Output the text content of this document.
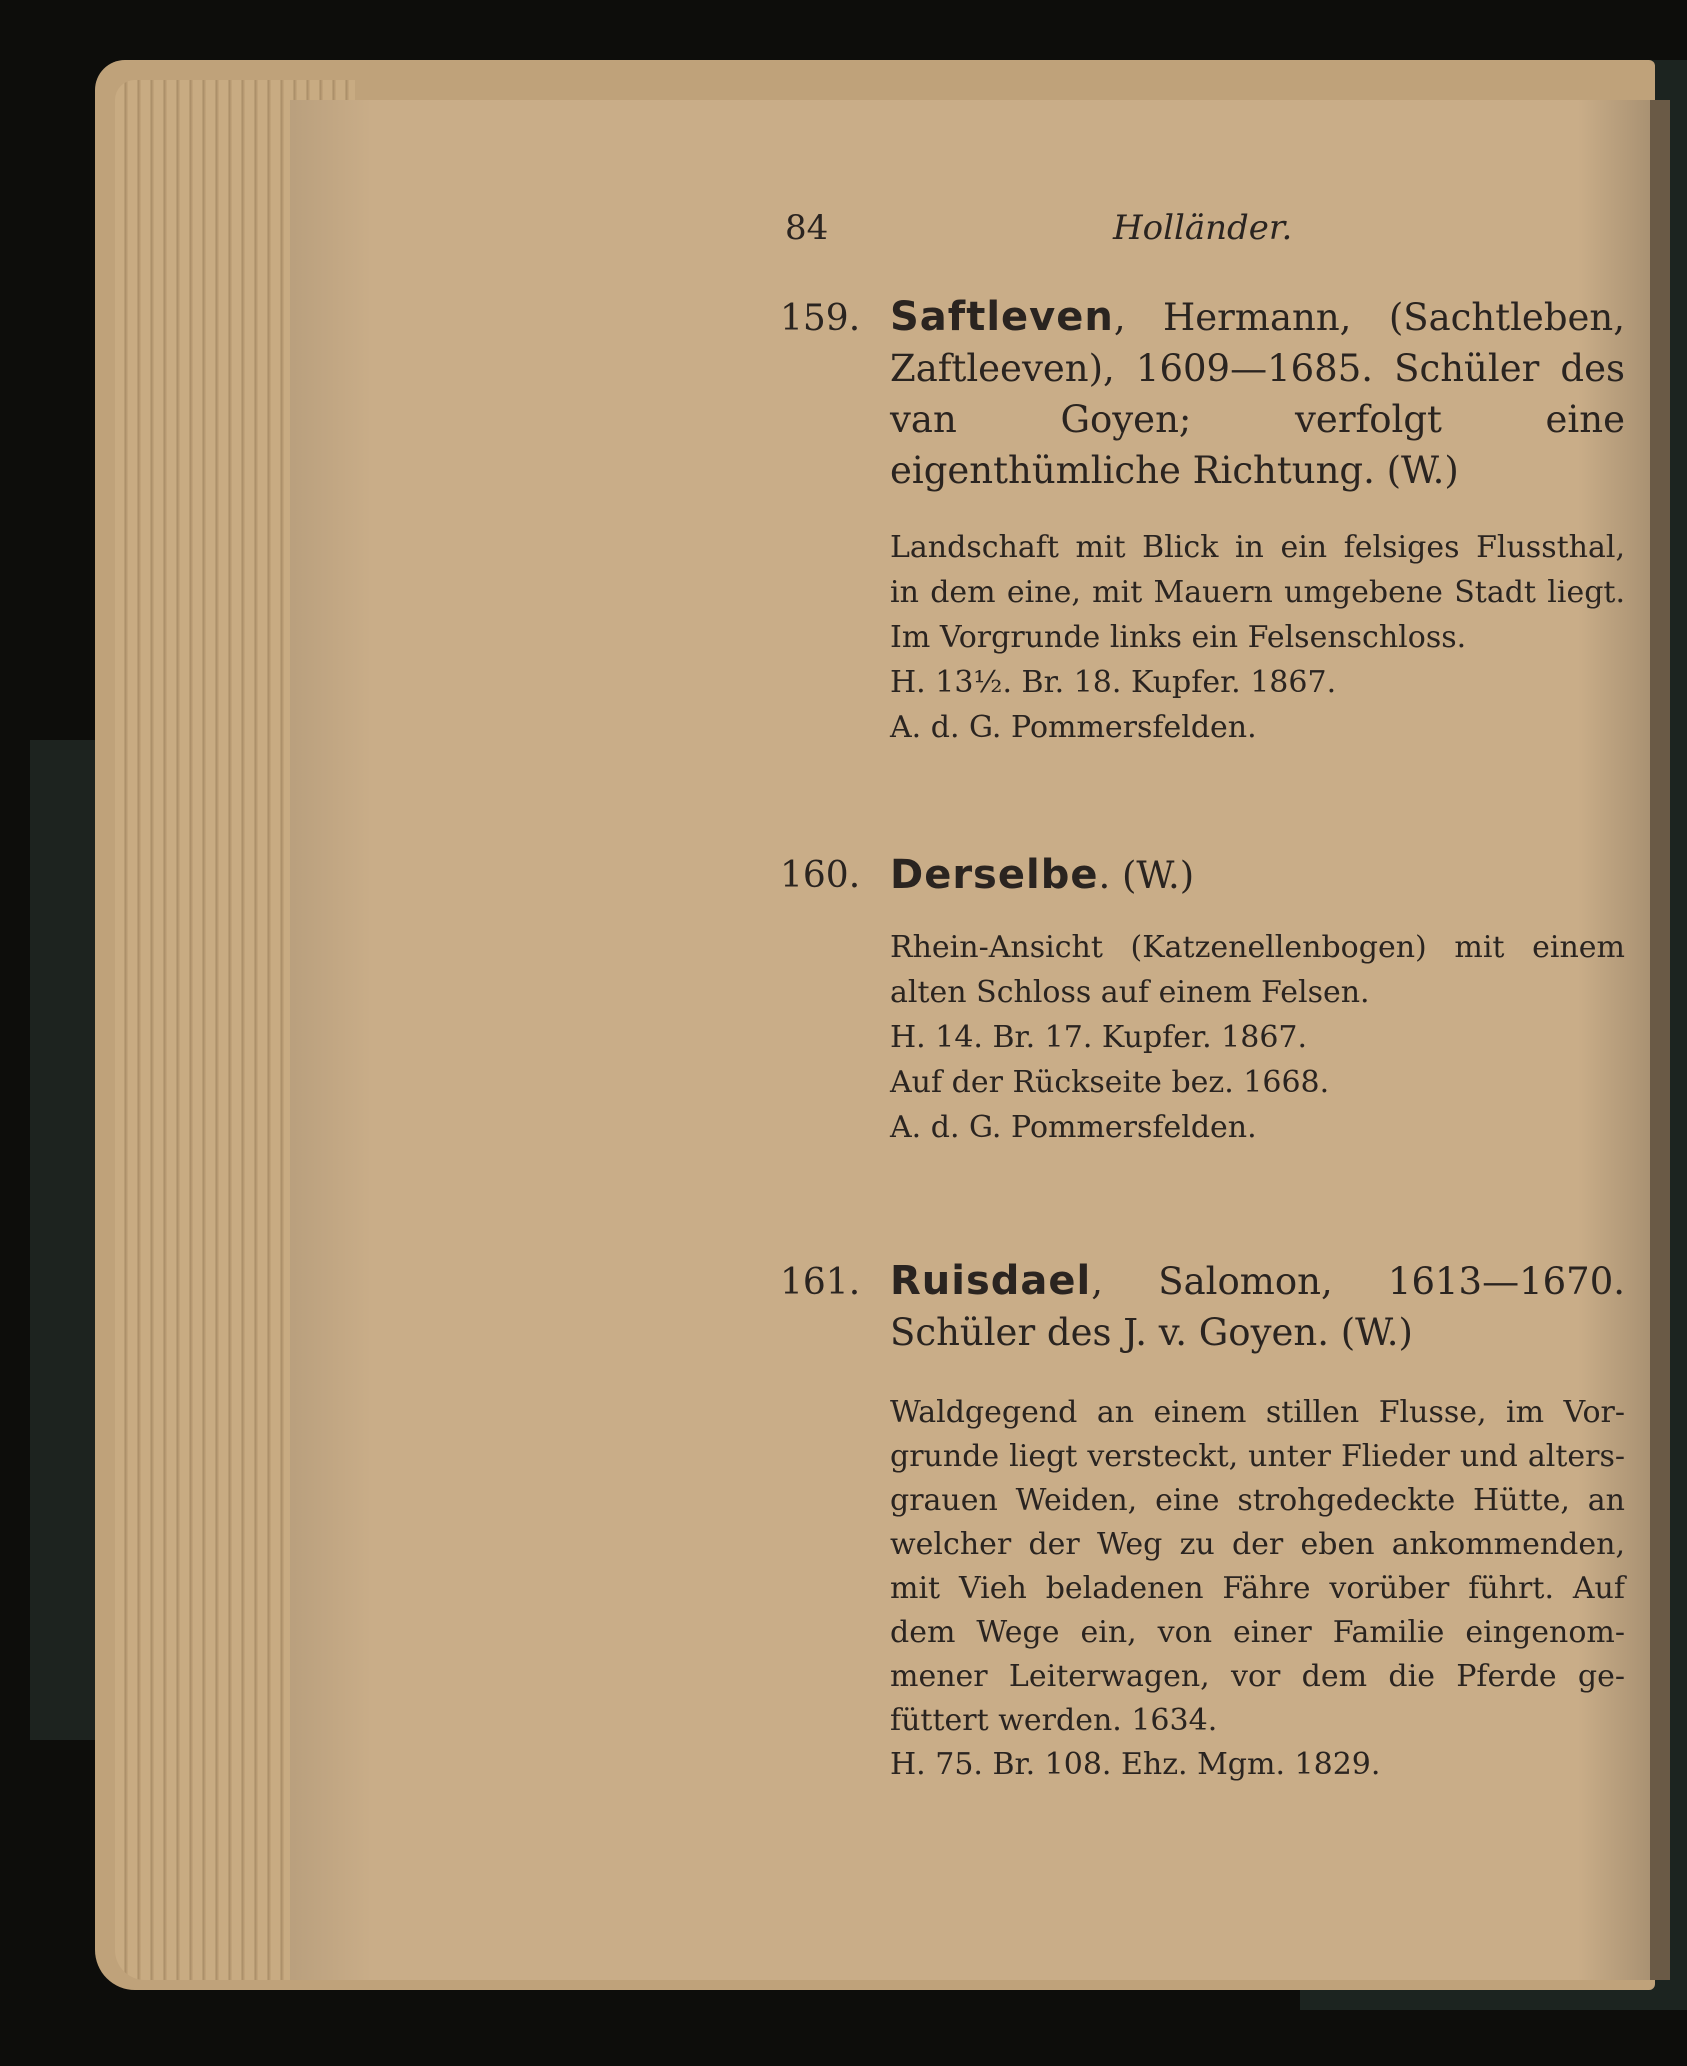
84	Holländer.
159. Saftleven, Hermann, (Sachtleben, Zaftleeven), 1609—1685. Schüler des van Goyen; verfolgt eine eigenthümliche Richtung. (W.)
Landschaft mit Blick in ein felsiges Flussthal,
in dem eine, mit Mauern umgebene Stadt liegt.
Im Vorgrunde links ein Felsenschloss.
H. 13½. Br. 18. Kupfer. 1867.
A. d. G. Pommersfelden.
160. Derselbe. (W.)
Rhein-Ansicht (Katzenellenbogen) mit einem
alten Schloss auf einem Felsen.
H. 14. Br. 17. Kupfer. 1867.
Auf der Rückseite bez. 1668.
A. d. G. Pommersfelden.
161. Ruisdael, Salomon, 1613—1670. Schüler des J. v. Goyen. (W.)
Waldgegend an einem stillen Flusse, im Vor-
grunde liegt versteckt, unter Flieder und alters-
grauen Weiden, eine strohgedeckte Hütte, an
welcher der Weg zu der eben ankommenden,
mit Vieh beladenen Fähre vorüber führt. Auf
dem Wege ein, von einer Familie eingenom-
mener Leiterwagen, vor dem die Pferde ge-
füttert werden. 1634.
H. 75. Br. 108. Ehz. Mgm. 1829.
